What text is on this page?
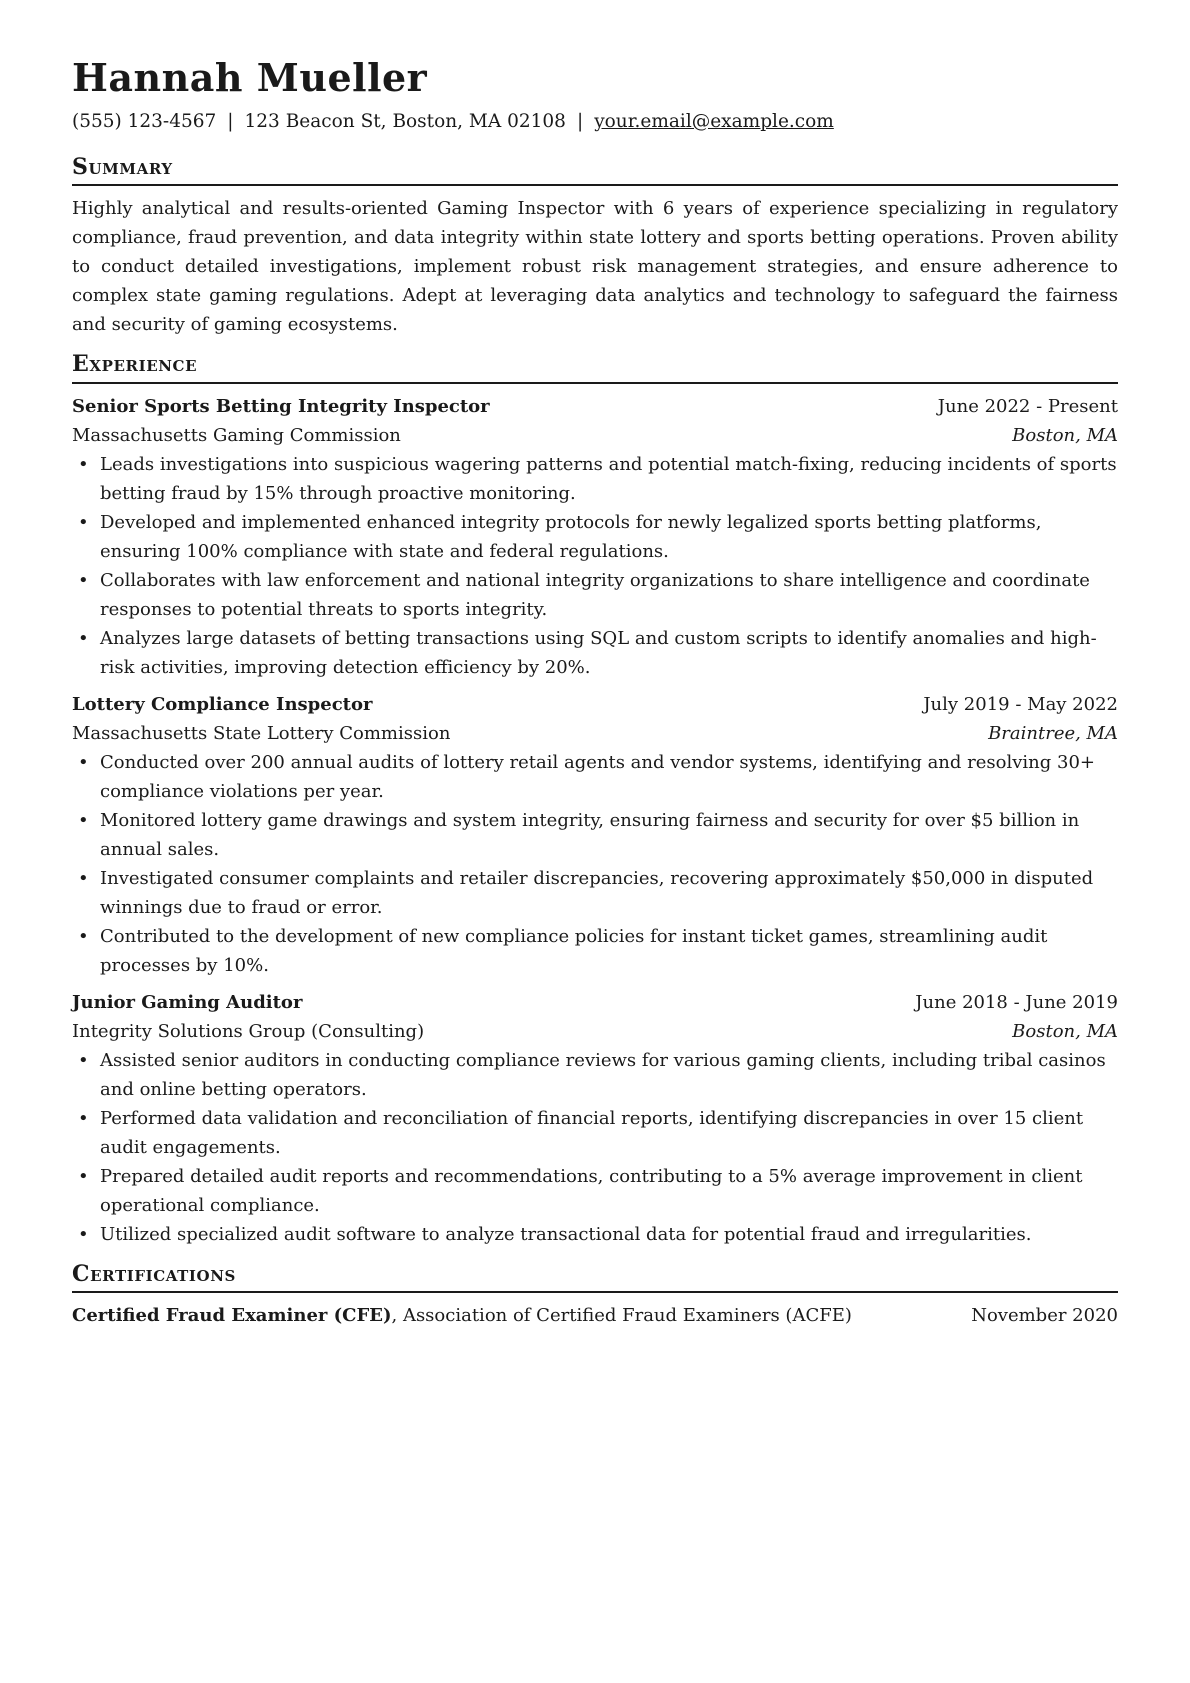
Hannah Mueller
(555) 123-4567 | 123 Beacon St, Boston, MA 02108 | your.email@example.com
Summary

Highly analytical and results-oriented Gaming Inspector with 6 years of experience specializing in regulatory compliance, fraud prevention, and data integrity within state lottery and sports betting operations. Proven ability to conduct detailed investigations, implement robust risk management strategies, and ensure adherence to complex state gaming regulations. Adept at leveraging data analytics and technology to safeguard the fairness and security of gaming ecosystems.

Experience
Senior Sports Betting Integrity Inspector	June 2022 - Present
Massachusetts Gaming Commission	Boston, MA
• Leads investigations into suspicious wagering patterns and potential match-fixing, reducing incidents of sports betting fraud by 15% through proactive monitoring.
• Developed and implemented enhanced integrity protocols for newly legalized sports betting platforms, ensuring 100% compliance with state and federal regulations.
• Collaborates with law enforcement and national integrity organizations to share intelligence and coordinate responses to potential threats to sports integrity.
• Analyzes large datasets of betting transactions using SQL and custom scripts to identify anomalies and high-risk activities, improving detection efficiency by 20%.
Lottery Compliance Inspector	July 2019 - May 2022
Massachusetts State Lottery Commission	Braintree, MA
• Conducted over 200 annual audits of lottery retail agents and vendor systems, identifying and resolving 30+ compliance violations per year.
• Monitored lottery game drawings and system integrity, ensuring fairness and security for over $5 billion in annual sales.
• Investigated consumer complaints and retailer discrepancies, recovering approximately $50,000 in disputed winnings due to fraud or error.
• Contributed to the development of new compliance policies for instant ticket games, streamlining audit processes by 10%.
Junior Gaming Auditor	June 2018 - June 2019
Integrity Solutions Group (Consulting)	Boston, MA
• Assisted senior auditors in conducting compliance reviews for various gaming clients, including tribal casinos and online betting operators.
• Performed data validation and reconciliation of financial reports, identifying discrepancies in over 15 client audit engagements.
• Prepared detailed audit reports and recommendations, contributing to a 5% average improvement in client operational compliance.
• Utilized specialized audit software to analyze transactional data for potential fraud and irregularities.
Certifications
Certified Fraud Examiner (CFE), Association of Certified Fraud Examiners (ACFE)	November 2020
